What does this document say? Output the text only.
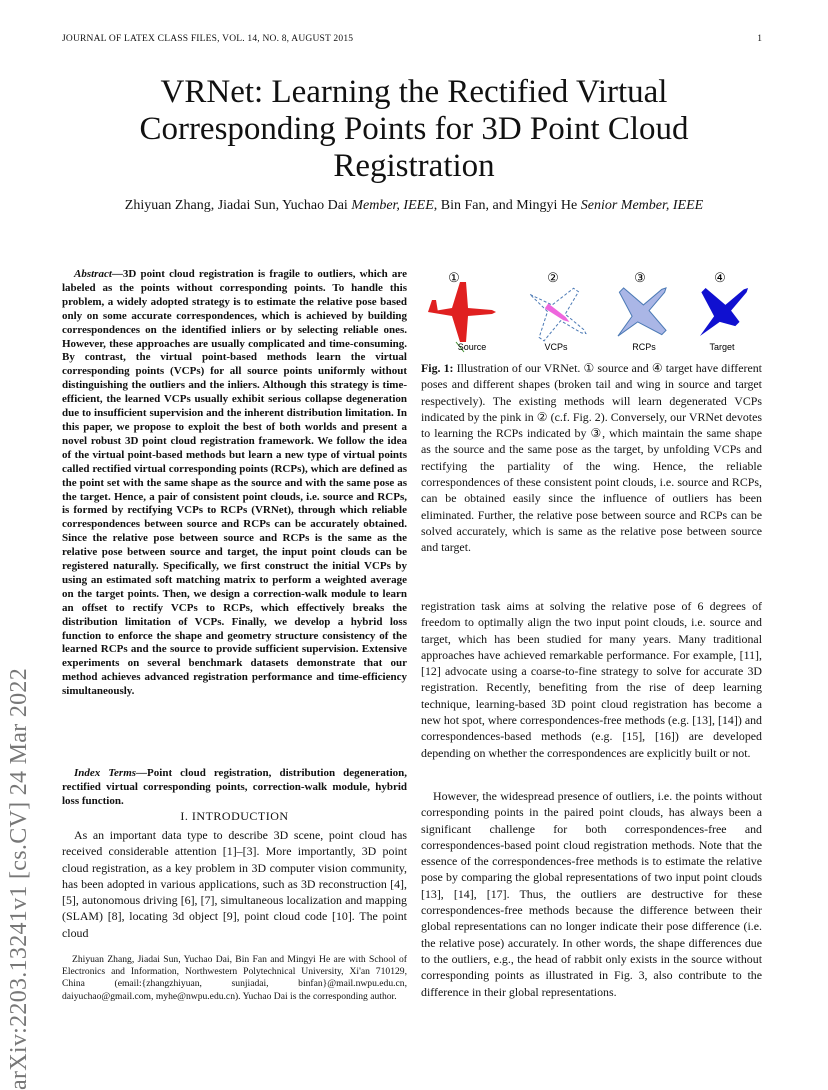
JOURNAL OF LATEX CLASS FILES, VOL. 14, NO. 8, AUGUST 2015	1
arXiv:2203.13241v1 [cs.CV] 24 Mar 2022
VRNet: Learning the Rectified Virtual Corresponding Points for 3D Point Cloud Registration
Zhiyuan Zhang, Jiadai Sun, Yuchao Dai Member, IEEE, Bin Fan, and Mingyi He Senior Member, IEEE
Abstract—3D point cloud registration is fragile to outliers, which are labeled as the points without corresponding points. To handle this problem, a widely adopted strategy is to estimate the relative pose based only on some accurate correspondences, which is achieved by building correspondences on the identified inliers or by selecting reliable ones. However, these approaches are usually complicated and time-consuming. By contrast, the virtual point-based methods learn the virtual corresponding points (VCPs) for all source points uniformly without distinguishing the outliers and the inliers. Although this strategy is time-efficient, the learned VCPs usually exhibit serious collapse degeneration due to insufficient supervision and the inherent distribution limitation. In this paper, we propose to exploit the best of both worlds and present a novel robust 3D point cloud registration framework. We follow the idea of the virtual point-based methods but learn a new type of virtual points called rectified virtual corresponding points (RCPs), which are defined as the point set with the same shape as the source and with the same pose as the target. Hence, a pair of consistent point clouds, i.e. source and RCPs, is formed by rectifying VCPs to RCPs (VRNet), through which reliable correspondences between source and RCPs can be accurately obtained. Since the relative pose between source and RCPs is the same as the relative pose between source and target, the input point clouds can be registered naturally. Specifically, we first construct the initial VCPs by using an estimated soft matching matrix to perform a weighted average on the target points. Then, we design a correction-walk module to learn an offset to rectify VCPs to RCPs, which effectively breaks the distribution limitation of VCPs. Finally, we develop a hybrid loss function to enforce the shape and geometry structure consistency of the learned RCPs and the source to provide sufficient supervision. Extensive experiments on several benchmark datasets demonstrate that our method achieves advanced registration performance and time-efficiency simultaneously.
Index Terms—Point cloud registration, distribution degeneration, rectified virtual corresponding points, correction-walk module, hybrid loss function.
I. INTRODUCTION
As an important data type to describe 3D scene, point cloud has received considerable attention [1]–[3]. More importantly, 3D point cloud registration, as a key problem in 3D computer vision community, has been adopted in various applications, such as 3D reconstruction [4], [5], autonomous driving [6], [7], simultaneous localization and mapping (SLAM) [8], locating 3d object [9], point cloud code [10]. The point cloud
Zhiyuan Zhang, Jiadai Sun, Yuchao Dai, Bin Fan and Mingyi He are with School of Electronics and Information, Northwestern Polytechnical University, Xi'an 710129, China (email:{zhangzhiyuan, sunjiadai, binfan}@mail.nwpu.edu.cn, daiyuchao@gmail.com, myhe@nwpu.edu.cn). Yuchao Dai is the corresponding author.
①	②	③	④
Source	VCPs	RCPs	Target
Fig. 1: Illustration of our VRNet. ① source and ④ target have different poses and different shapes (broken tail and wing in source and target respectively). The existing methods will learn degenerated VCPs indicated by the pink in ② (c.f. Fig. 2). Conversely, our VRNet devotes to learning the RCPs indicated by ③, which maintain the same shape as the source and the same pose as the target, by unfolding VCPs and rectifying the partiality of the wing. Hence, the reliable correspondences of these consistent point clouds, i.e. source and RCPs, can be obtained easily since the influence of outliers has been eliminated. Further, the relative pose between source and RCPs can be solved accurately, which is same as the relative pose between source and target.
registration task aims at solving the relative pose of 6 degrees of freedom to optimally align the two input point clouds, i.e. source and target, which has been studied for many years. Many traditional approaches have achieved remarkable performance. For example, [11], [12] advocate using a coarse-to-fine strategy to solve for accurate 3D registration. Recently, benefiting from the rise of deep learning technique, learning-based 3D point cloud registration has become a new hot spot, where correspondences-free methods (e.g. [13], [14]) and correspondences-based methods (e.g. [15], [16]) are developed depending on whether the correspondences are explicitly built or not.
However, the widespread presence of outliers, i.e. the points without corresponding points in the paired point clouds, has always been a significant challenge for both correspondences-free and correspondences-based point cloud registration methods. Note that the essence of the correspondences-free methods is to estimate the relative pose by comparing the global representations of two input point clouds [13], [14], [17]. Thus, the outliers are destructive for these correspondences-free methods because the difference between their global representations can no longer indicate their pose difference (i.e. the relative pose) accurately. In other words, the shape differences due to the outliers, e.g., the head of rabbit only exists in the source without corresponding points as illustrated in Fig. 3, also contribute to the difference in their global representations.
